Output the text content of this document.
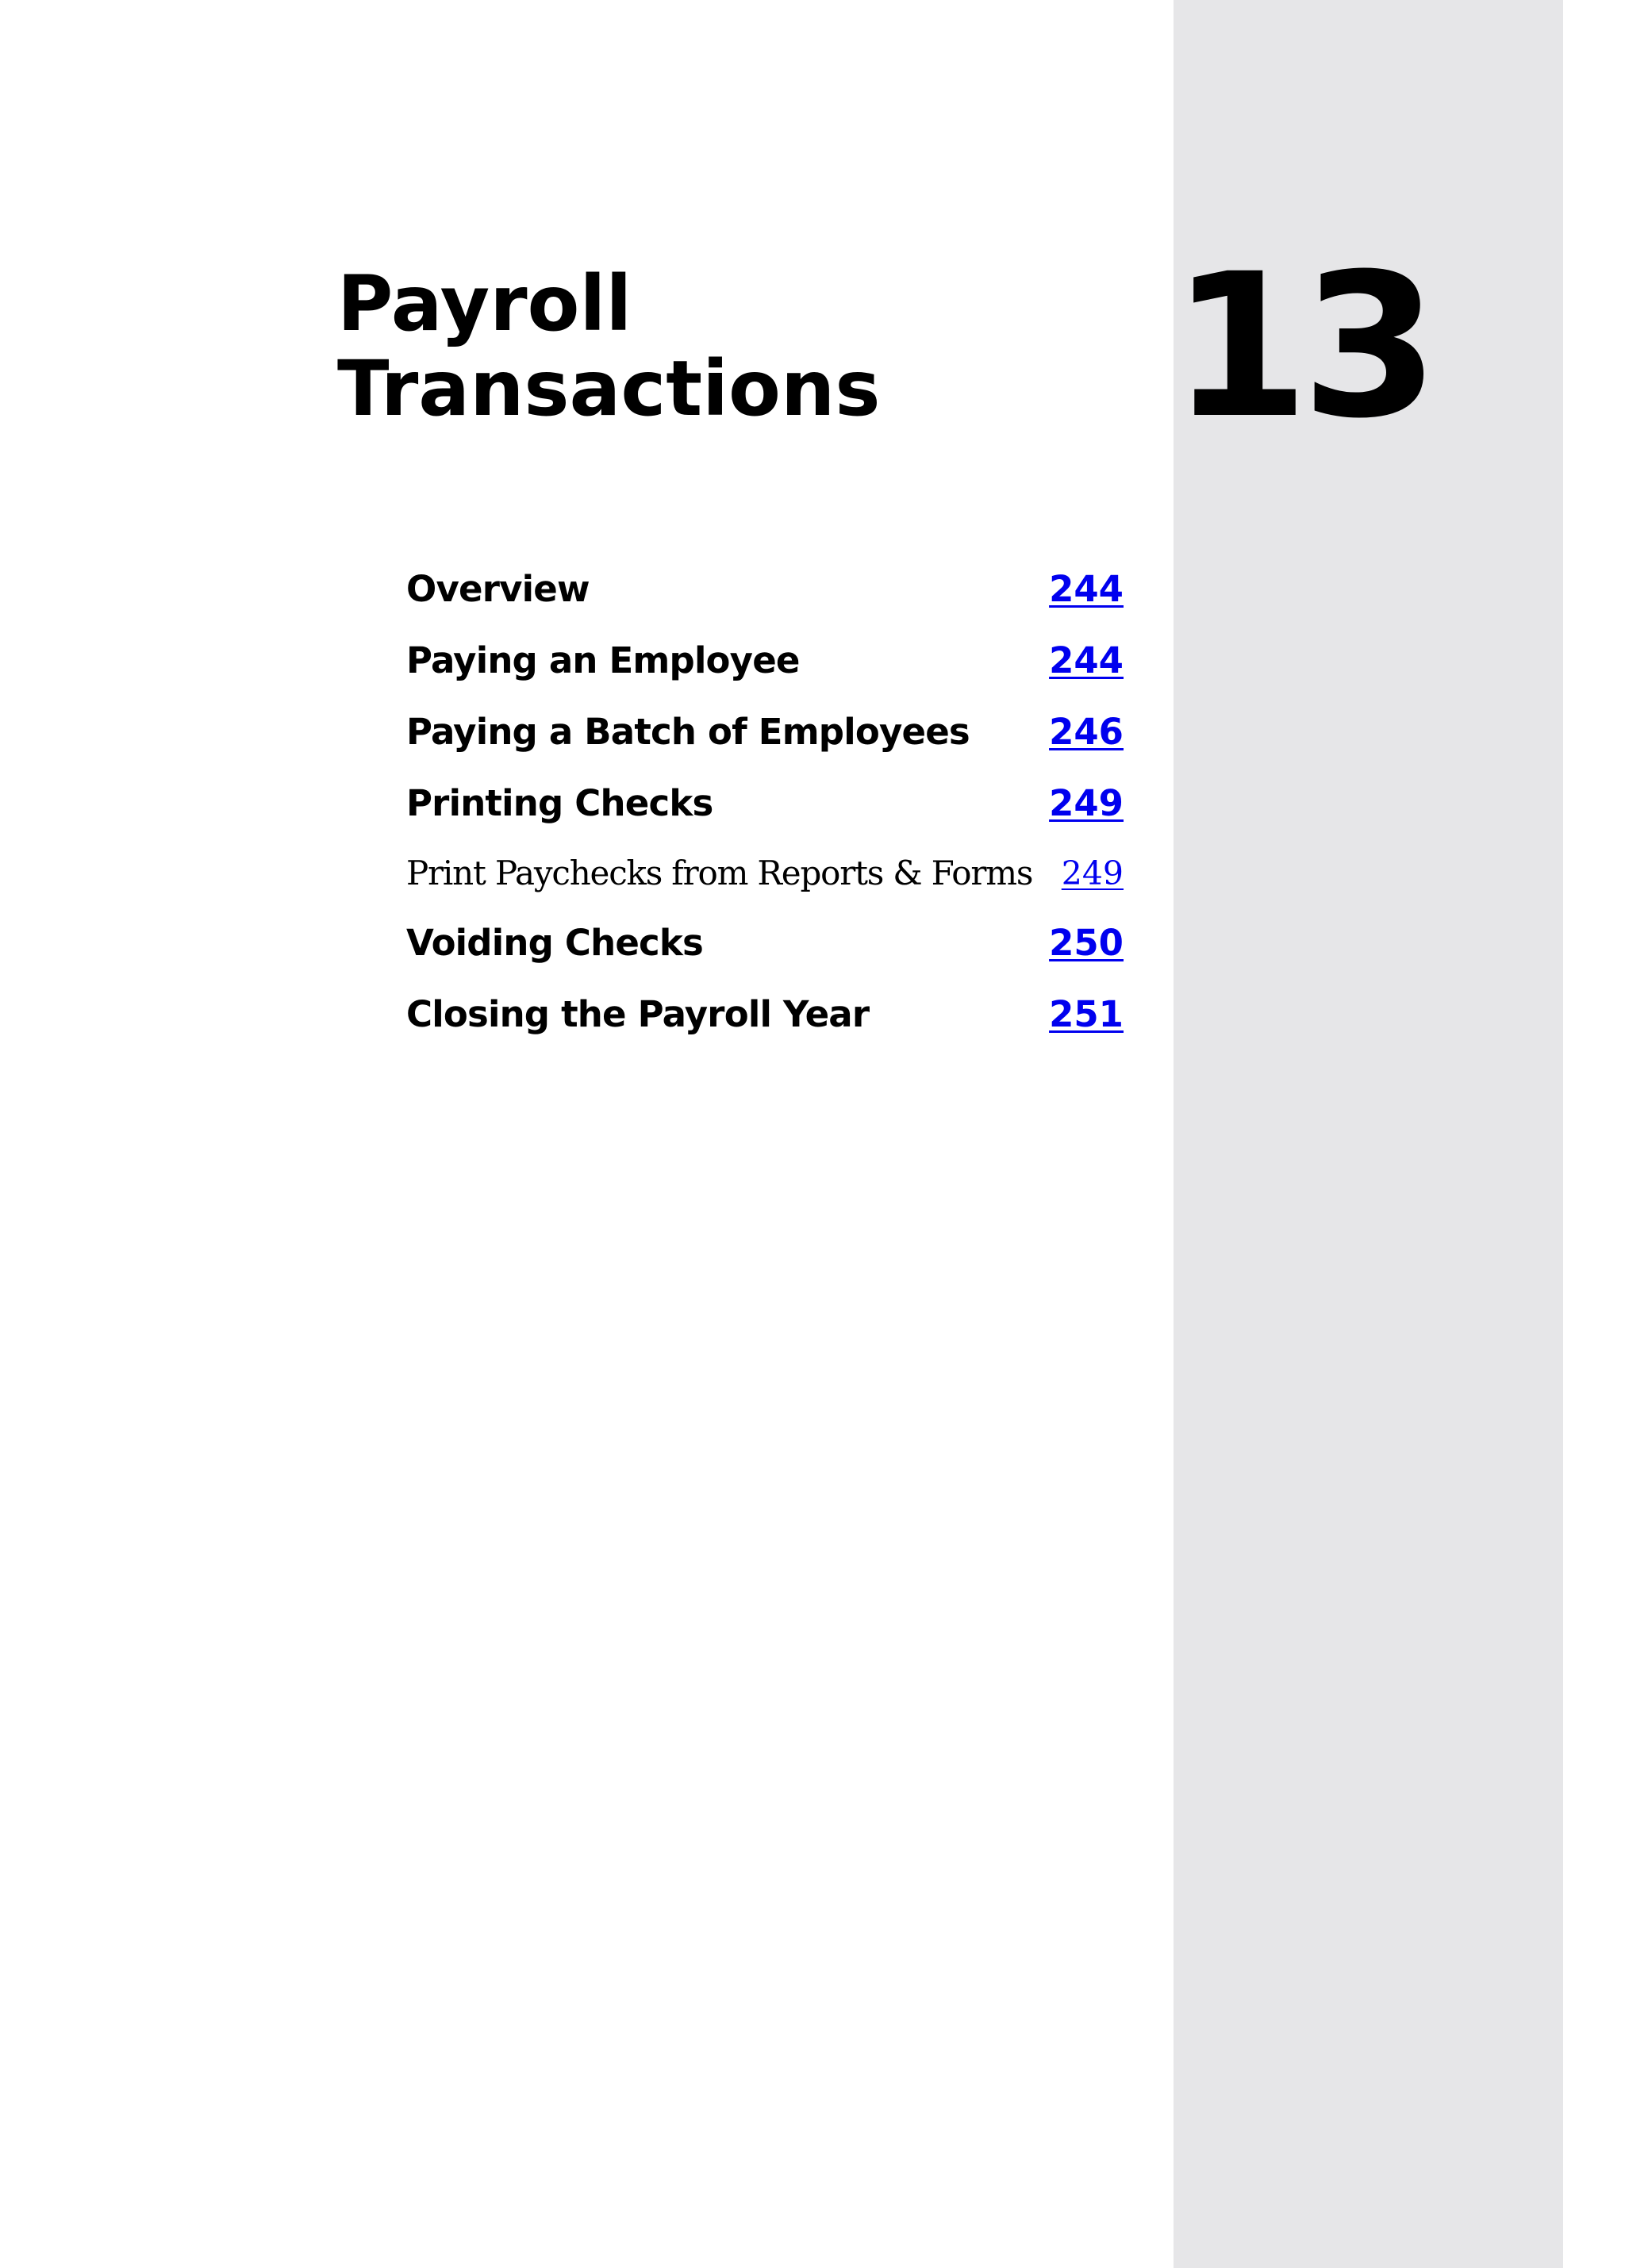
Payroll
Transactions 13
Overview	244
Paying an Employee	244
Paying a Batch of Employees 246
Printing Checks	249
Print Paychecks from Reports & Forms 249
Voiding Checks	250
Closing the Payroll Year	251
